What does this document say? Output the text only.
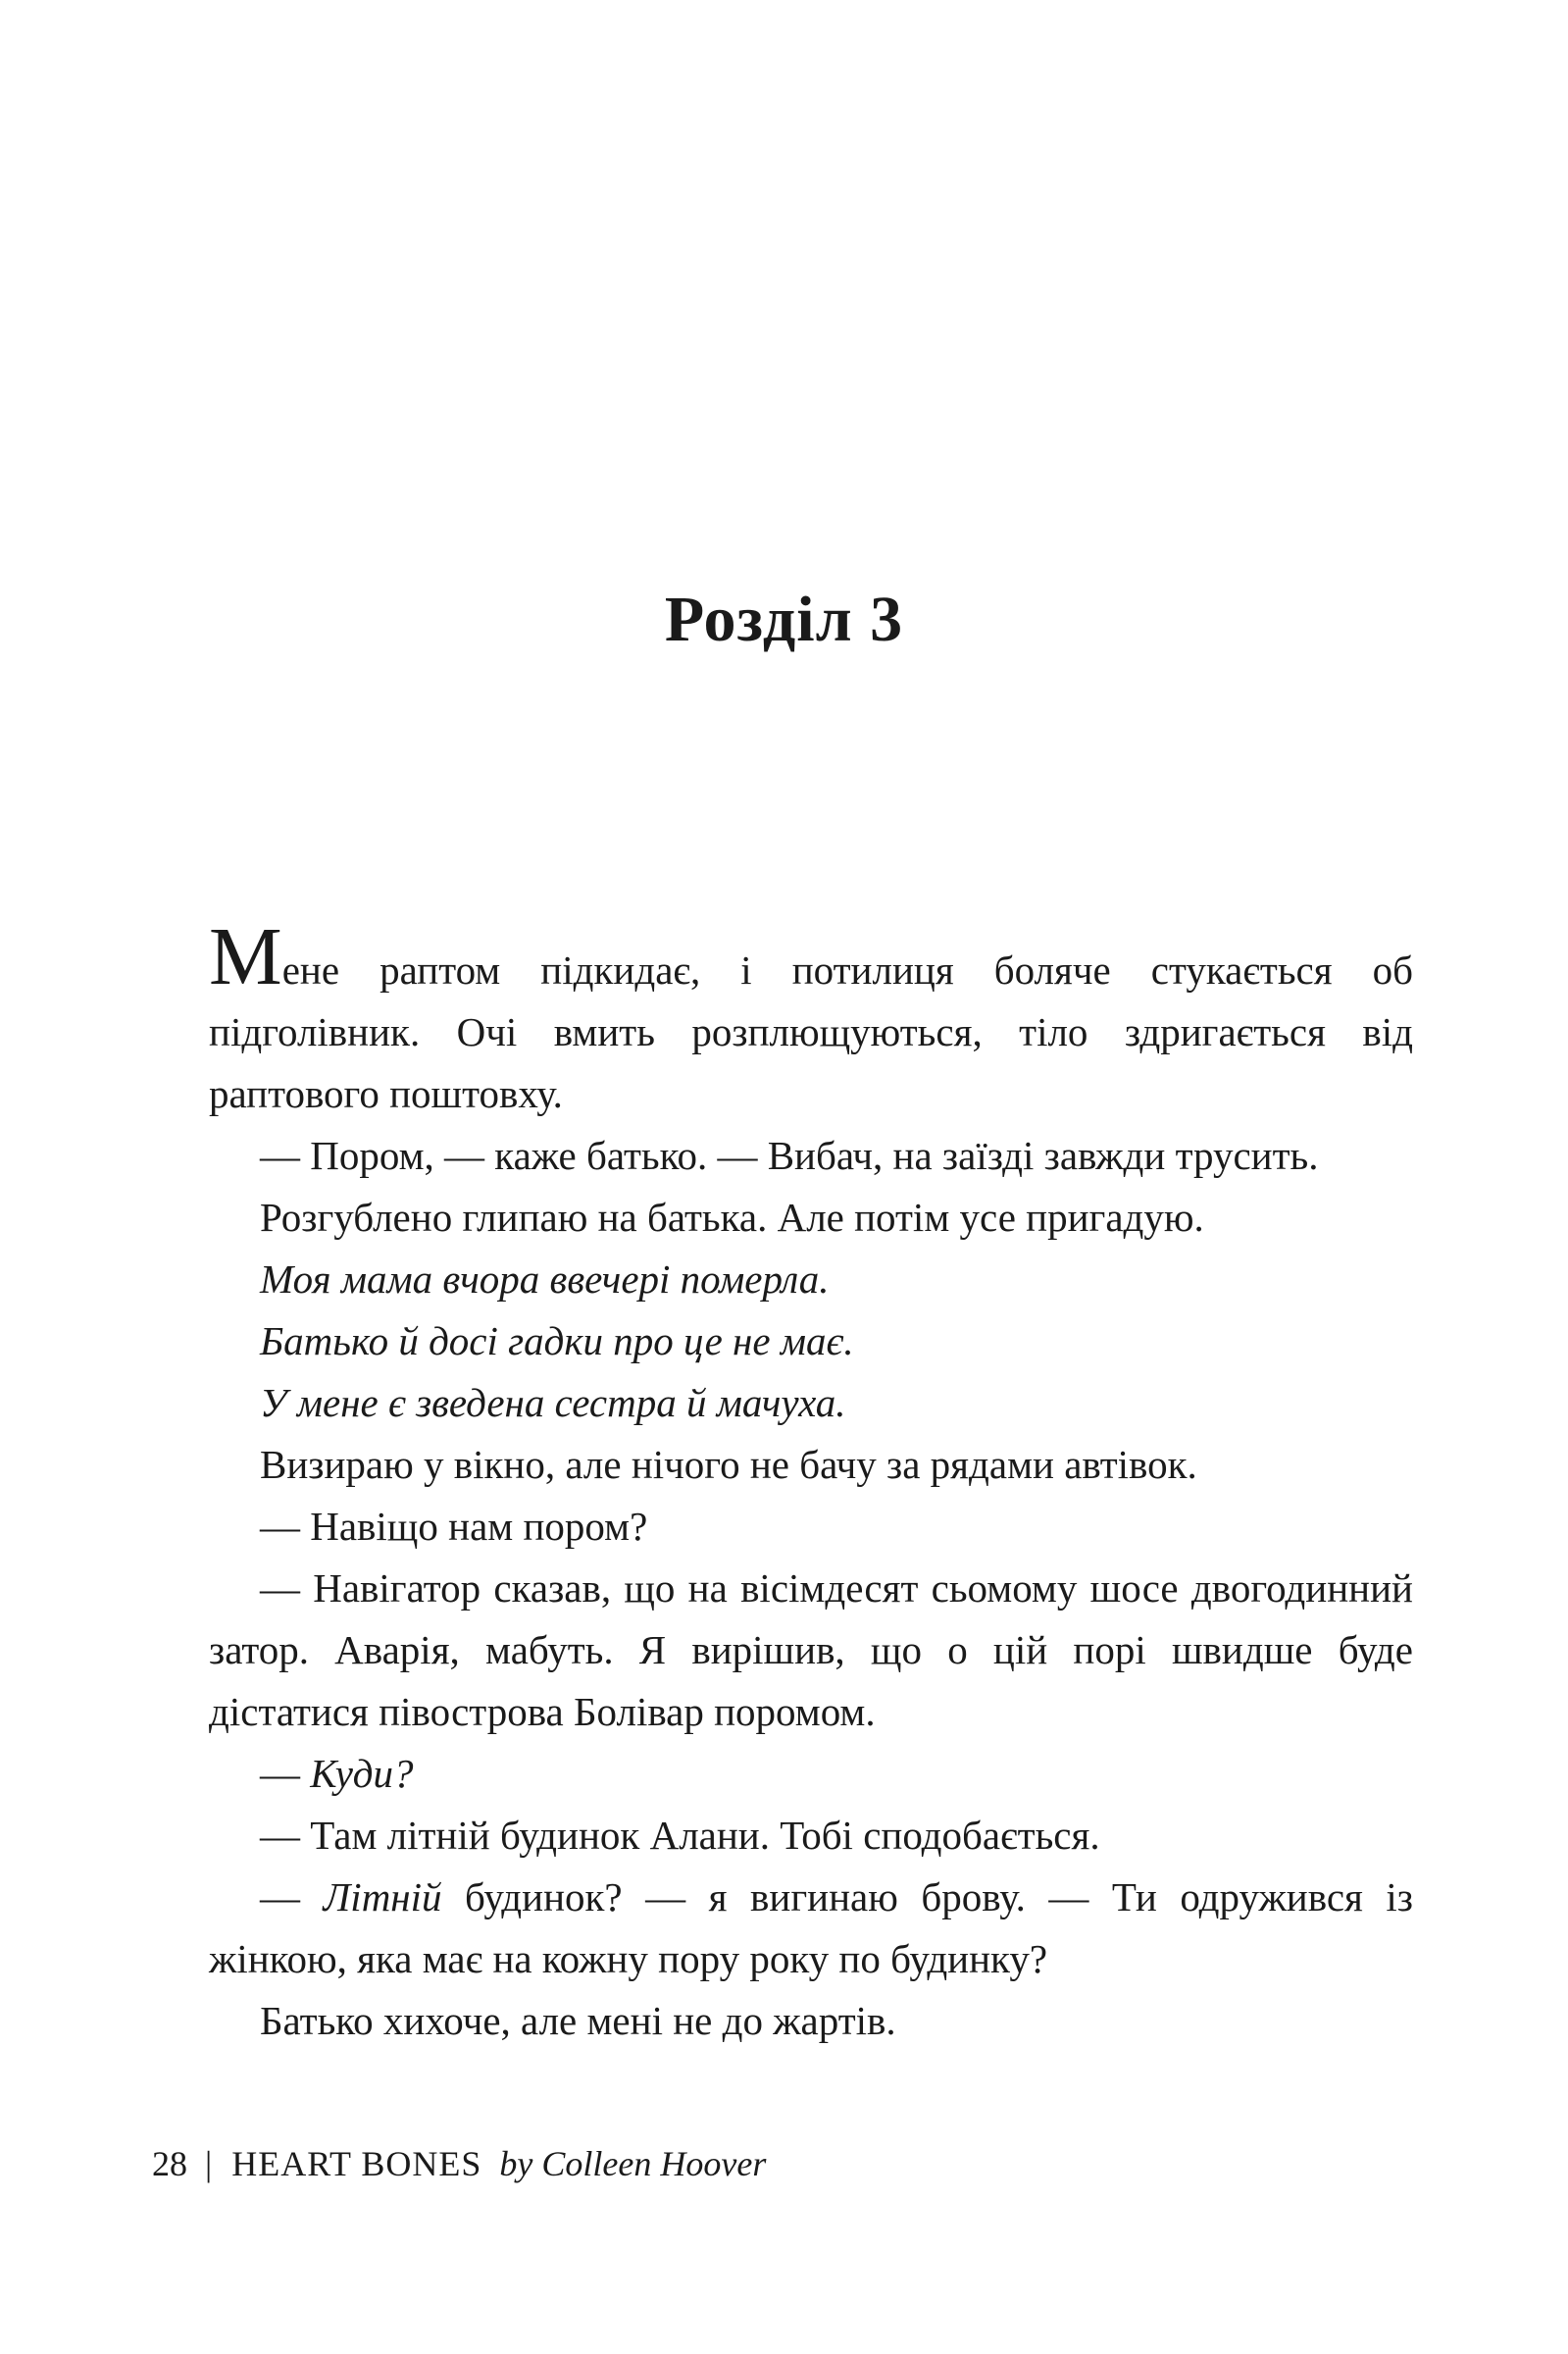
Розділ 3

Мене раптом підкидає, і потилиця боляче стукається об підголівник. Очі вмить розплющуються, тіло здригається від раптового поштовху.

— Пором, — каже батько. — Вибач, на заїзді завжди трусить.

Розгублено глипаю на батька. Але потім усе пригадую.

Моя мама вчора ввечері померла.

Батько й досі гадки про це не має.

У мене є зведена сестра й мачуха.

Визираю у вікно, але нічого не бачу за рядами автівок.

— Навіщо нам пором?

— Навігатор сказав, що на вісімдесят сьомому шосе двогодинний затор. Аварія, мабуть. Я вирішив, що о цій порі швидше буде дістатися півострова Болівар поромом.

— Куди?

— Там літній будинок Алани. Тобі сподобається.

— Літній будинок? — я вигинаю брову. — Ти одружився із жінкою, яка має на кожну пору року по будинку?

Батько хихоче, але мені не до жартів.

28 | HEART BONES by Colleen Hoover
